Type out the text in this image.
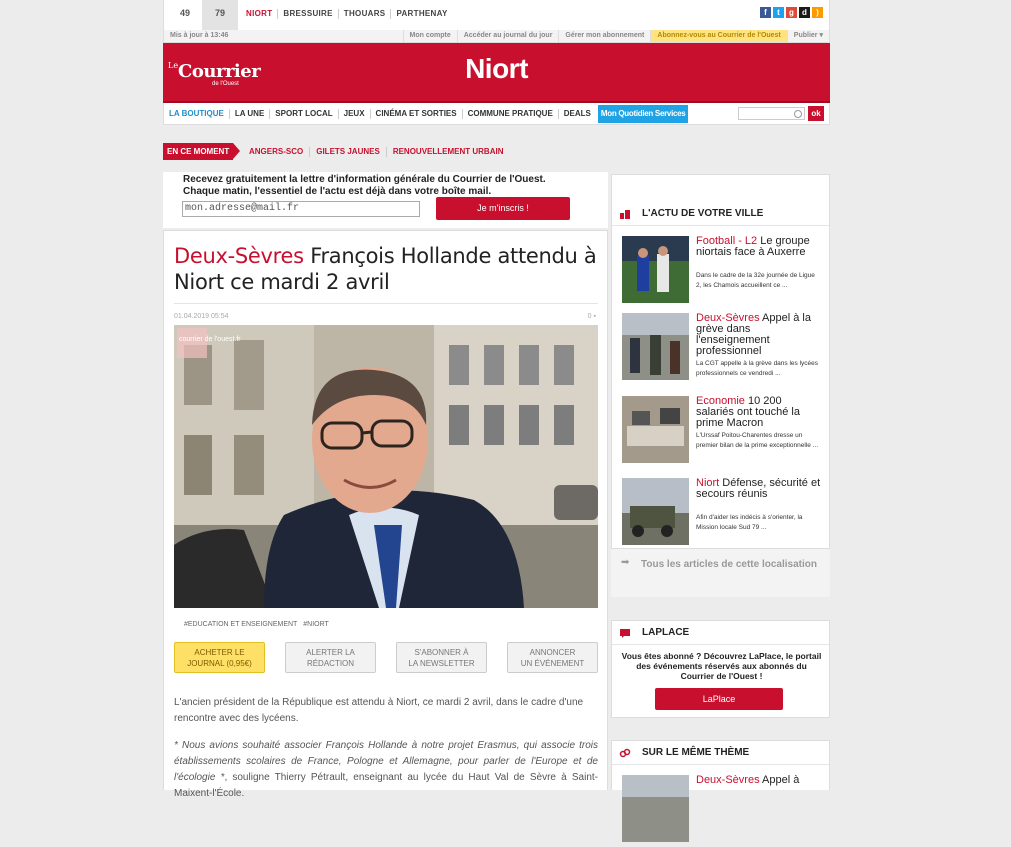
49	79	NIORT	BRESSUIRE	THOUARS	PARTHENAY	f	t	g	d	)
Mis à jour à 13:46	Mon compte	Accéder au journal du jour	Gérer mon abonnement	Abonnez-vous au Courrier de l'Ouest	Publier ▾
$^{Le}$Courrier
de l'Ouest	Niort
LA BOUTIQUE	LA UNE	SPORT LOCAL	JEUX	CINÉMA ET SORTIES	COMMUNE PRATIQUE	DEALS	Mon Quotidien Services	ok
EN CE MOMENT	ANGERS-SCO	GILETS JAUNES	RENOUVELLEMENT URBAIN
Recevez gratuitement la lettre d'information générale du Courrier de l'Ouest.
Chaque matin, l'essentiel de l'actu est déjà dans votre boîte mail.
mon.adresse@mail.fr	Je m'inscris !
Deux-Sèvres François Hollande attendu à Niort ce mardi 2 avril
01.04.2019 05:54	0 ▪
courrier de l'ouest.fr
#EDUCATION ET ENSEIGNEMENT #NIORT
ACHETER LE
JOURNAL (0,95€)
ALERTER LA
RÉDACTION
S'ABONNER À
LA NEWSLETTER
ANNONCER
UN ÉVÉNEMENT

L'ancien président de la République est attendu à Niort, ce mardi 2 avril, dans le cadre d'une rencontre avec des lycéens.

* Nous avions souhaité associer François Hollande à notre projet Erasmus, qui associe trois établissements scolaires de France, Pologne et Allemagne, pour parler de l'Europe et de l'écologie *, souligne Thierry Pétrault, enseignant au lycée du Haut Val de Sèvre à Saint-Maixent-l'École.

L'ACTU DE VOTRE VILLE
Football - L2 Le groupe niortais face à Auxerre
Dans le cadre de la 32e journée de Ligue 2, les Chamois accueillent ce ...
Deux-Sèvres Appel à la grève dans l'enseignement professionnel
La CGT appelle à la grève dans les lycées professionnels ce vendredi ...
Economie 10 200 salariés ont touché la prime Macron
L'Urssaf Poitou-Charentes dresse un premier bilan de la prime exceptionnelle ...
Niort Défense, sécurité et secours réunis
Afin d'aider les indécis à s'orienter, la Mission locale Sud 79 ...
➡	Tous les articles de cette localisation
LAPLACE
Vous êtes abonné ? Découvrez LaPlace, le portail des événements réservés aux abonnés du Courrier de l'Ouest !
LaPlace
SUR LE MÊME THÈME
Deux-Sèvres Appel à
